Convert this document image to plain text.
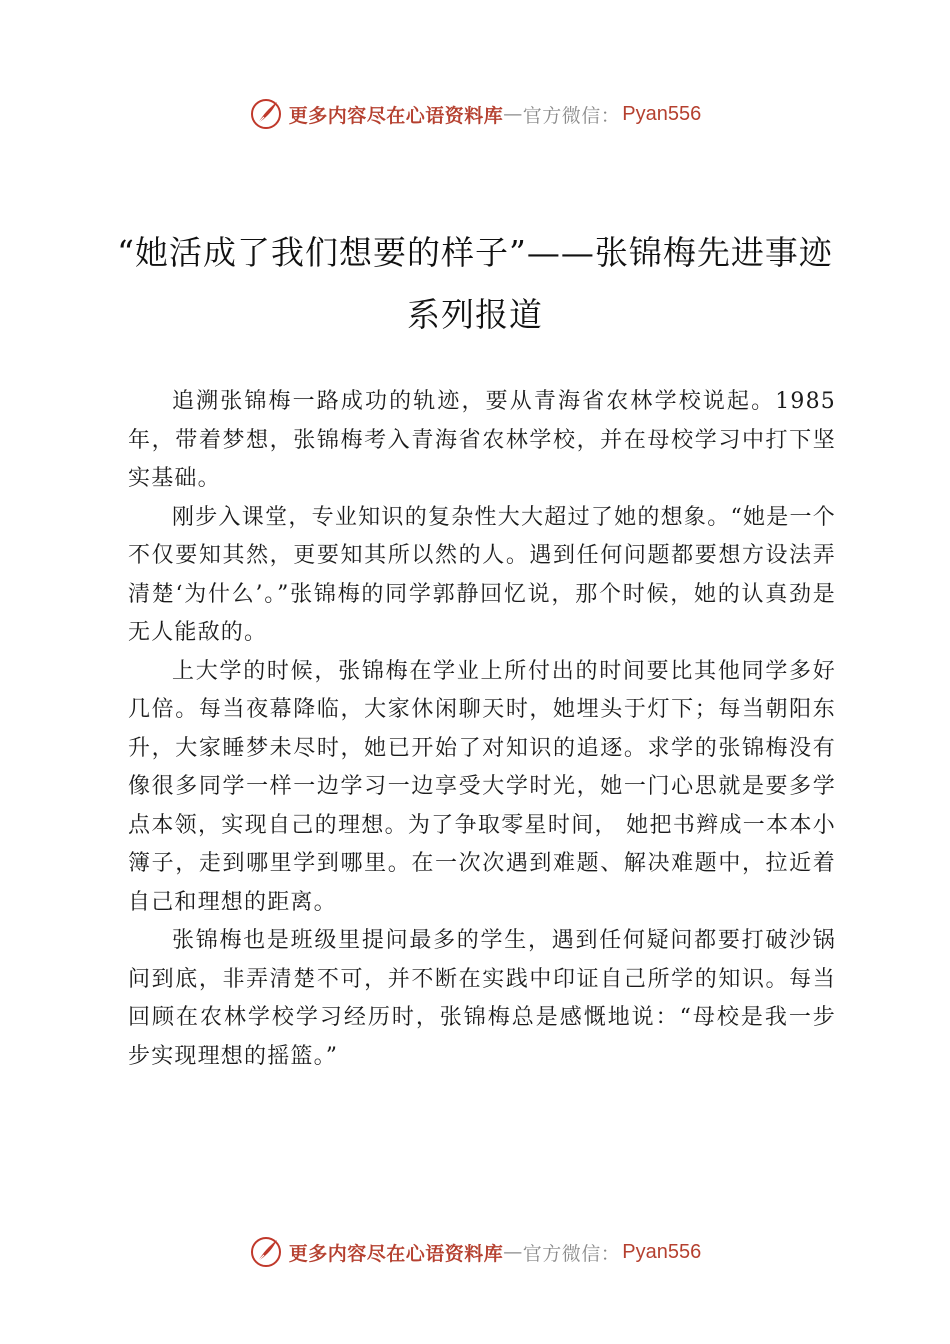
更多内容尽在心语资料库 — 官方微信： Pyan556
“她活成了我们想要的样子”——张锦梅先进事迹系列报道

追溯张锦梅一路成功的轨迹，要从青海省农林学校说起。1985年，带着梦想，张锦梅考入青海省农林学校，并在母校学习中打下坚实基础。

刚步入课堂，专业知识的复杂性大大超过了她的想象。“她是一个不仅要知其然，更要知其所以然的人。遇到任何问题都要想方设法弄清楚‘为什么’。”张锦梅的同学郭静回忆说，那个时候，她的认真劲是无人能敌的。

上大学的时候，张锦梅在学业上所付出的时间要比其他同学多好几倍。每当夜幕降临，大家休闲聊天时，她埋头于灯下；每当朝阳东升，大家睡梦未尽时，她已开始了对知识的追逐。求学的张锦梅没有像很多同学一样一边学习一边享受大学时光，她一门心思就是要多学点本领，实现自己的理想。为了争取零星时间， 她把书辫成一本本小簿子，走到哪里学到哪里。在一次次遇到难题、解决难题中，拉近着自己和理想的距离。

张锦梅也是班级里提问最多的学生，遇到任何疑问都要打破沙锅问到底，非弄清楚不可，并不断在实践中印证自己所学的知识。每当回顾在农林学校学习经历时，张锦梅总是感慨地说：“母校是我一步步实现理想的摇篮。”

更多内容尽在心语资料库 — 官方微信： Pyan556
